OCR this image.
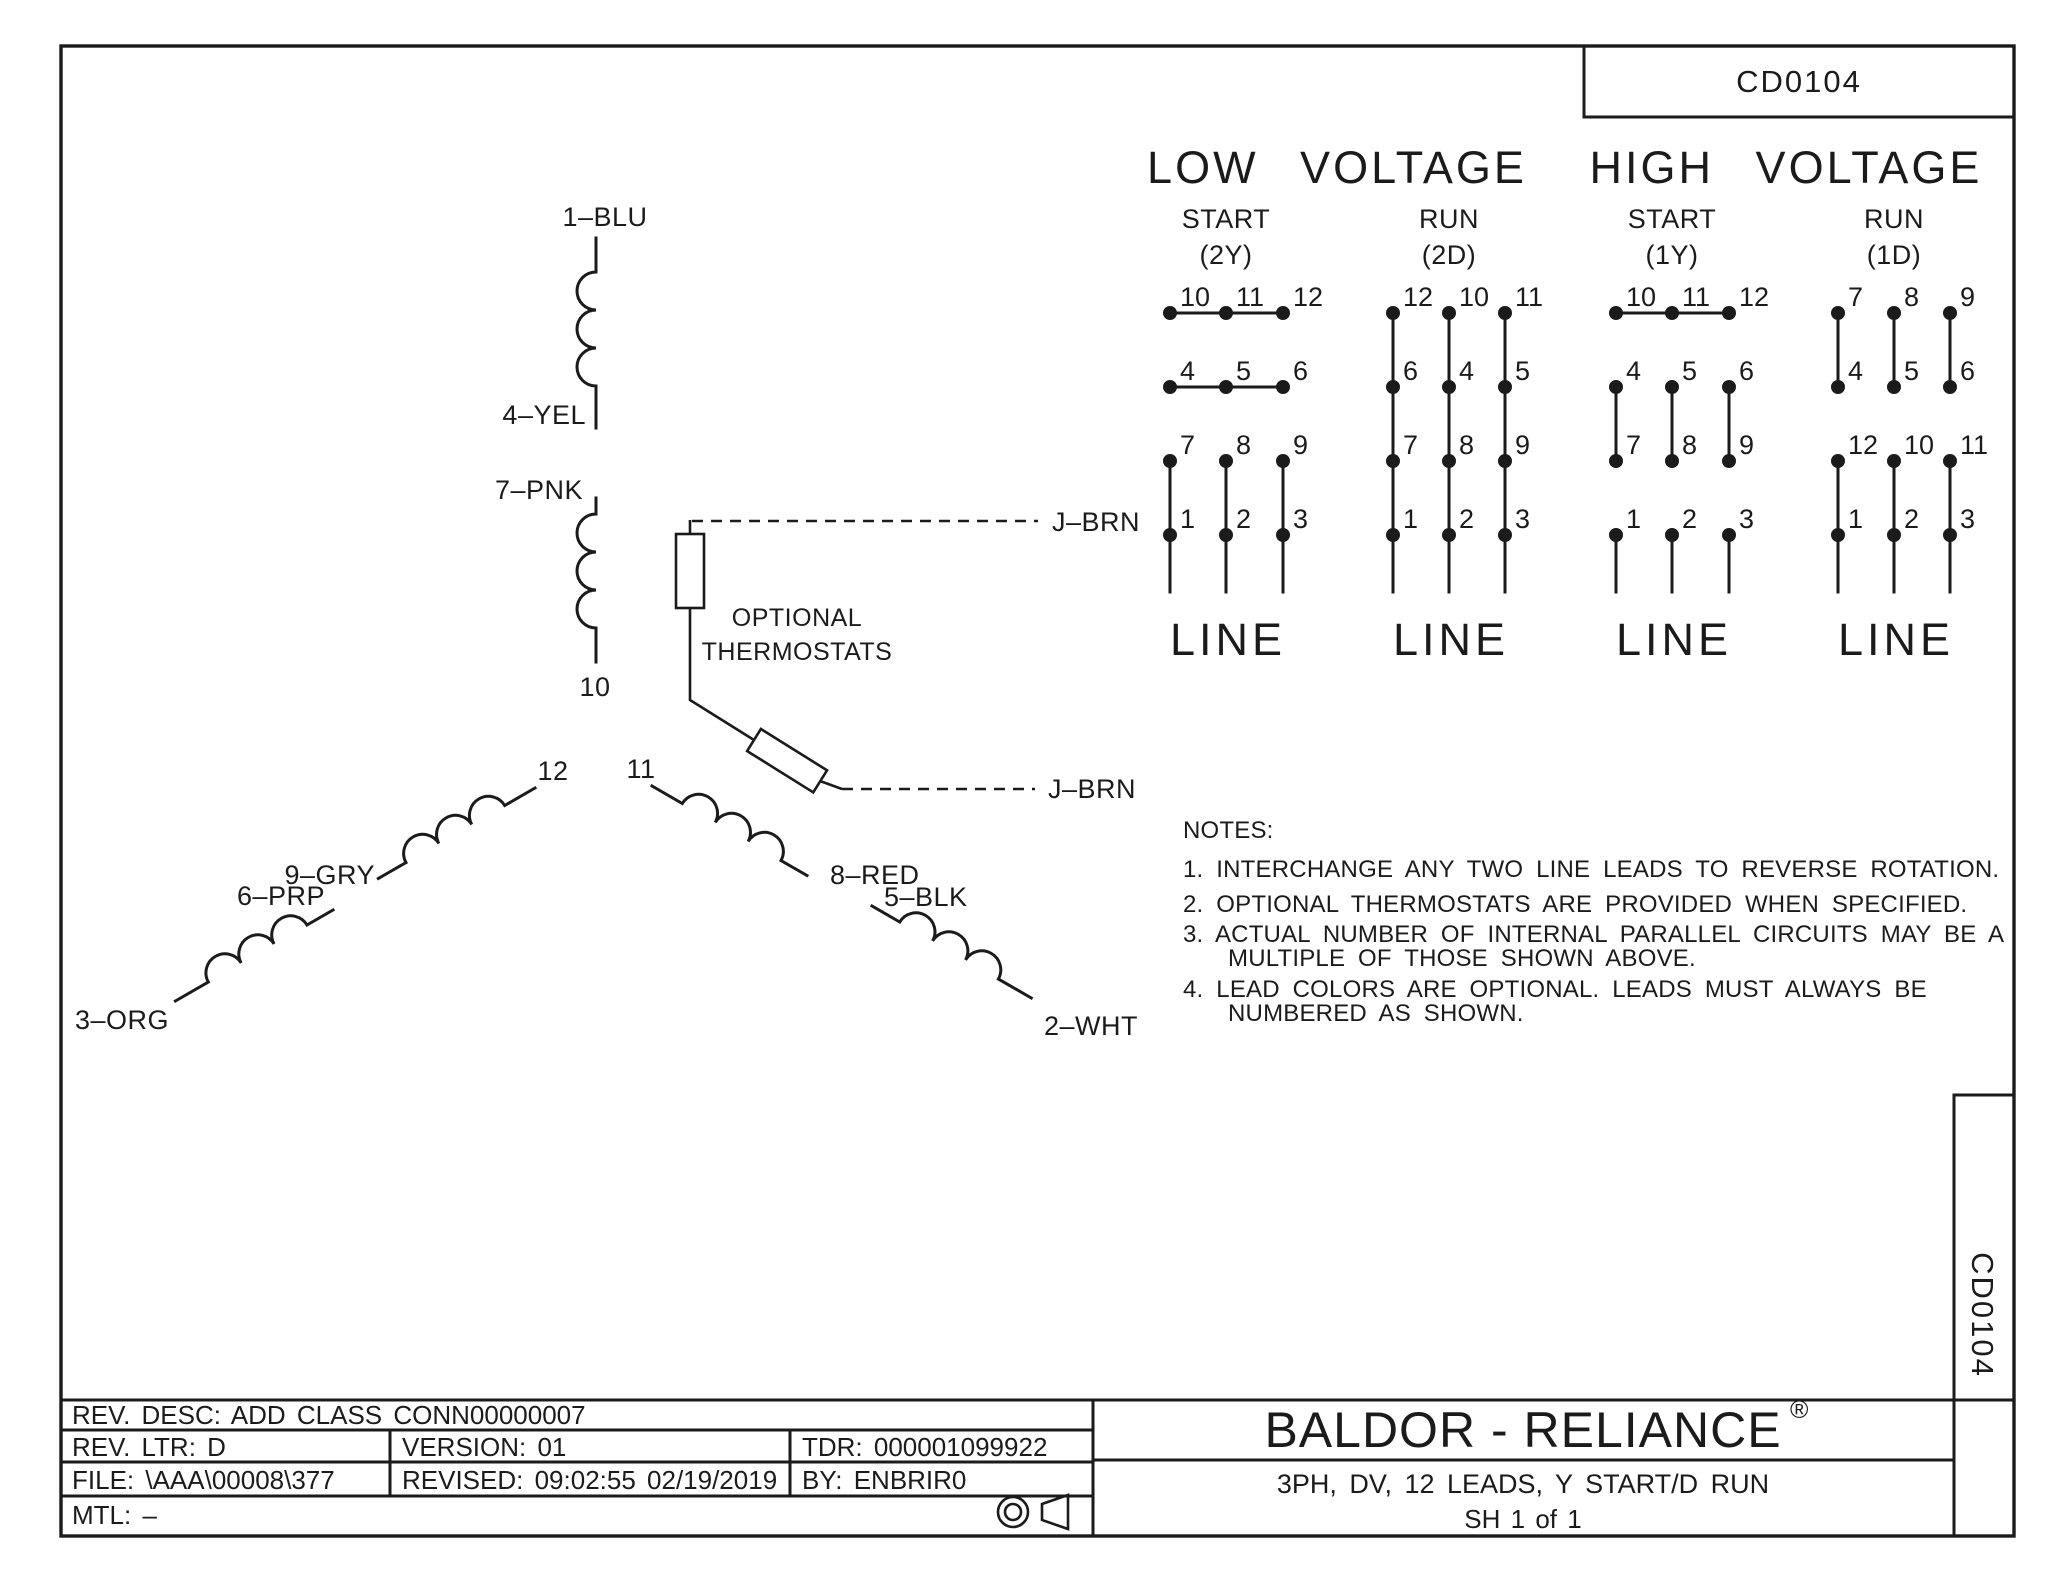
CD0104
1–BLU
4–YEL
7–PNK
10
12
9–GRY
6–PRP
3–ORG
11
8–RED
5–BLK
2–WHT
J–BRN
J–BRN
OPTIONAL
THERMOSTATS
LOW VOLTAGE HIGH VOLTAGE
START
(2Y)
RUN
(2D)
START
(1Y)
RUN
(1D)
10 11 12
4 5 6
7 8 9
1 2 3
LINE
12 10 11
6 4 5
7 8 9
1 2 3
LINE
10 11 12
4 5 6
7 8 9
1 2 3
LINE
7 8 9
4 5 6
12 10 11
1 2 3
LINE
NOTES:
1. INTERCHANGE ANY TWO LINE LEADS TO REVERSE ROTATION.
2. OPTIONAL THERMOSTATS ARE PROVIDED WHEN SPECIFIED.
3. ACTUAL NUMBER OF INTERNAL PARALLEL CIRCUITS MAY BE A
MULTIPLE OF THOSE SHOWN ABOVE.
4. LEAD COLORS ARE OPTIONAL. LEADS MUST ALWAYS BE
NUMBERED AS SHOWN.
REV. DESC: ADD CLASS CONN00000007
REV. LTR: D	VERSION: 01	TDR: 000001099922
FILE: \AAA\00008\377	REVISED: 09:02:55 02/19/2019 BY: ENBRIR0
MTL: –
BALDOR - RELIANCE ®
3PH, DV, 12 LEADS, Y START/D RUN
SH 1 of 1
CD0104
